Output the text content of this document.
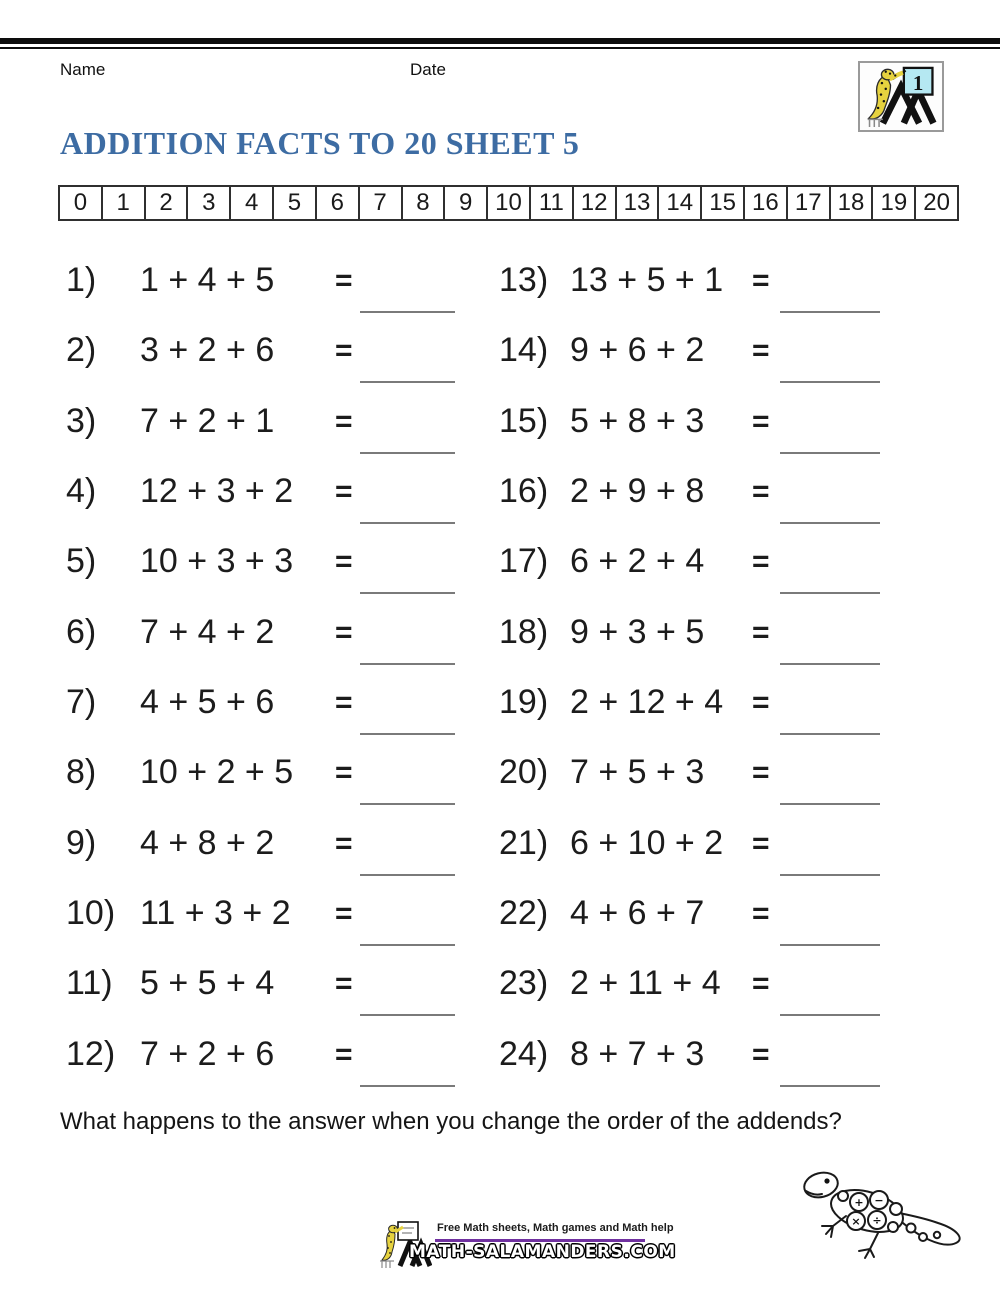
Name	Date
1
ADDITION FACTS TO 20 SHEET 5
0	1	2	3	4	5	6	7	8	9 10 11 12 13 14 15 16 17 18 19 20
1) 1 + 4 + 5 =
2) 3 + 2 + 6 =
3) 7 + 2 + 1 =
4) 12 + 3 + 2 =
5) 10 + 3 + 3 =
6) 7 + 4 + 2 =
7) 4 + 5 + 6 =
8) 10 + 2 + 5 =
9) 4 + 8 + 2 =
10) 11 + 3 + 2 =
11) 5 + 5 + 4 =
12) 7 + 2 + 6 =
13) 13 + 5 + 1 =
14) 9 + 6 + 2 =
15) 5 + 8 + 3 =
16) 2 + 9 + 8 =
17) 6 + 2 + 4 =
18) 9 + 3 + 5 =
19) 2 + 12 + 4 =
20) 7 + 5 + 3 =
21) 6 + 10 + 2 =
22) 4 + 6 + 7 =
23) 2 + 11 + 4 =
24) 8 + 7 + 3 =
What happens to the answer when you change the order of the addends?
+
×
−
÷
Free Math sheets, Math games and Math help
MATH-SALAMANDERS.COM
